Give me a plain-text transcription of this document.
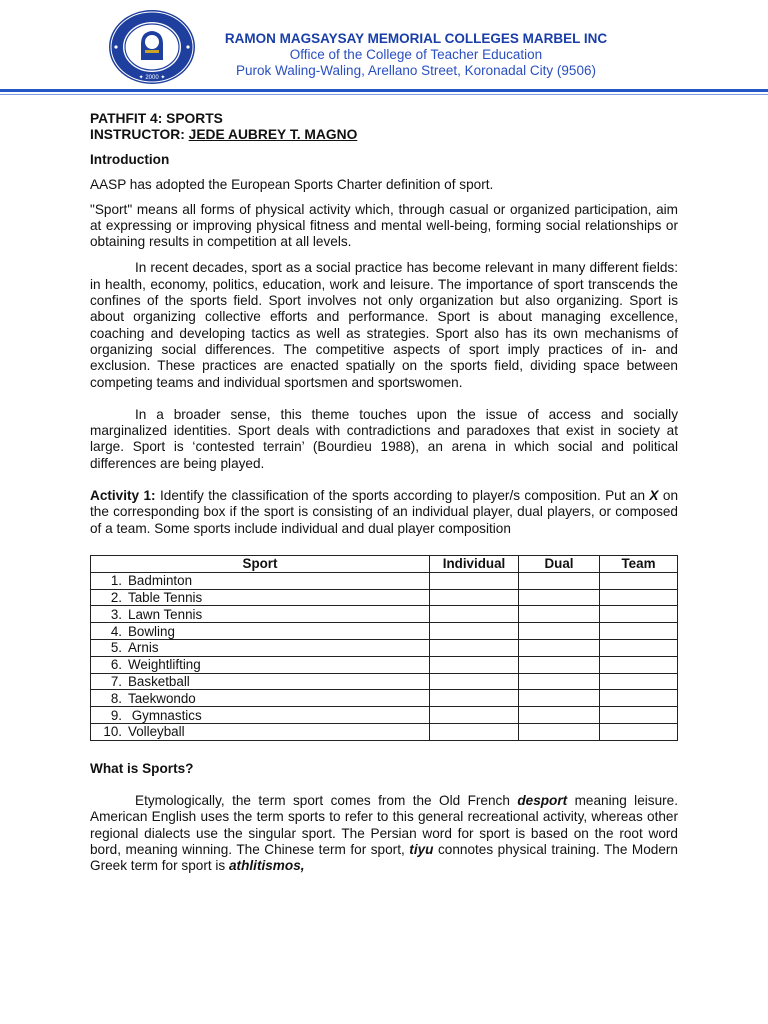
✦ 2000 ✦
RAMON MAGSAYSAY MEMORIAL COLLEGES MARBEL INC
Office of the College of Teacher Education
Purok Waling-Waling, Arellano Street, Koronadal City (9506)
PATHFIT 4: SPORTS
INSTRUCTOR: JEDE AUBREY T. MAGNO
Introduction

AASP has adopted the European Sports Charter definition of sport.

"Sport" means all forms of physical activity which, through casual or organized participation, aim at expressing or improving physical fitness and mental well-being, forming social relationships or obtaining results in competition at all levels.

In recent decades, sport as a social practice has become relevant in many different fields: in health, economy, politics, education, work and leisure. The importance of sport transcends the confines of the sports field. Sport involves not only organization but also organizing. Sport is about organizing collective efforts and performance. Sport is about managing excellence, coaching and developing tactics as well as strategies. Sport also has its own mechanisms of organizing social differences. The competitive aspects of sport imply practices of in- and exclusion. These practices are enacted spatially on the sports field, dividing space between competing teams and individual sportsmen and sportswomen.

In a broader sense, this theme touches upon the issue of access and socially marginalized identities. Sport deals with contradictions and paradoxes that exist in society at large. Sport is ‘contested terrain’ (Bourdieu 1988), an arena in which social and political differences are being played.

Activity 1: Identify the classification of the sports according to player/s composition. Put an X on the corresponding box if the sport is consisting of an individual player, dual players, or composed of a team. Some sports include individual and dual player composition

Sport	Individual	Dual	Team
1. Badminton			
2. Table Tennis			
3. Lawn Tennis			
4. Bowling			
5. Arnis			
6. Weightlifting			
7. Basketball			
8. Taekwondo			
9. Gymnastics			
10. Volleyball			
What is Sports?

Etymologically, the term sport comes from the Old French desport meaning leisure. American English uses the term sports to refer to this general recreational activity, whereas other regional dialects use the singular sport. The Persian word for sport is based on the root word bord, meaning winning. The Chinese term for sport, tiyu connotes physical training. The Modern Greek term for sport is athlitismos,
